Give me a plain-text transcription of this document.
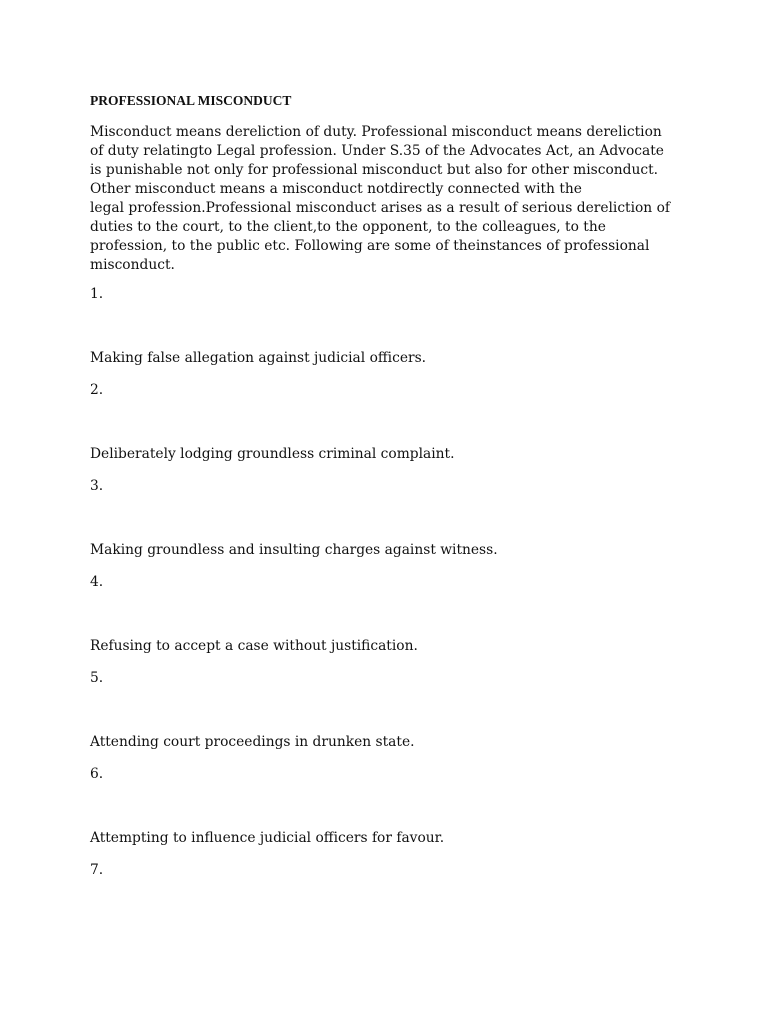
PROFESSIONAL MISCONDUCT
Misconduct means dereliction of duty. Professional misconduct means dereliction
of duty relatingto Legal profession. Under S.35 of the Advocates Act, an Advocate
is punishable not only for professional misconduct but also for other misconduct.
Other misconduct means a misconduct notdirectly connected with the
legal profession.Professional misconduct arises as a result of serious dereliction of
duties to the court, to the client,to the opponent, to the colleagues, to the
profession, to the public etc. Following are some of theinstances of professional
misconduct.
1.
Making false allegation against judicial officers.
2.
Deliberately lodging groundless criminal complaint.
3.
Making groundless and insulting charges against witness.
4.
Refusing to accept a case without justification.
5.
Attending court proceedings in drunken state.
6.
Attempting to influence judicial officers for favour.
7.
